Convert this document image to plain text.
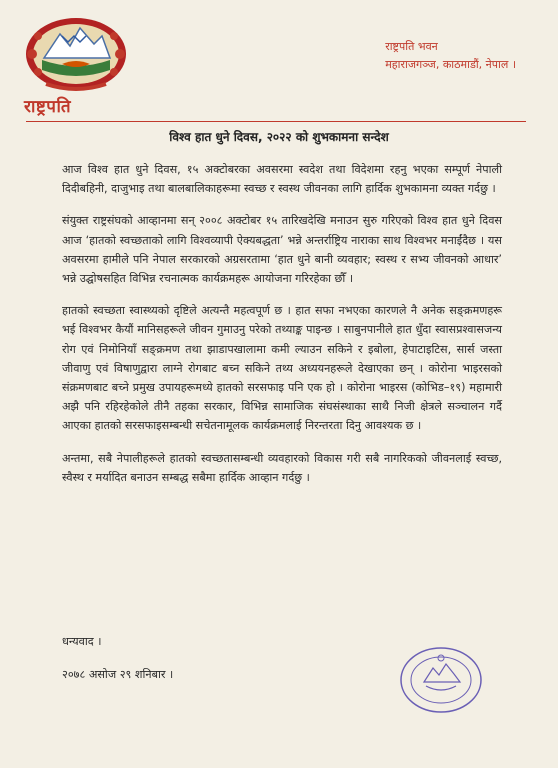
राष्ट्रपति
राष्ट्रपति भवन
महाराजगञ्ज, काठमाडौं, नेपाल ।
विश्व हात धुने दिवस, २०२२ को शुभकामना सन्देश

आज विश्व हात धुने दिवस, १५ अक्टोबरका अवसरमा स्वदेश तथा विदेशमा रहनु भएका सम्पूर्ण नेपाली दिदीबहिनी, दाजुभाइ तथा बालबालिकाहरूमा स्वच्छ र स्वस्थ जीवनका लागि हार्दिक शुभकामना व्यक्त गर्दछु ।

संयुक्त राष्ट्रसंघको आव्हानमा सन् २००८ अक्टोबर १५ तारिखदेखि मनाउन सुरु गरिएको विश्व हात धुने दिवस आज ‘हातको स्वच्छताको लागि विश्वव्यापी ऐक्यबद्धता’ भन्ने अन्तर्राष्ट्रिय नाराका साथ विश्वभर मनाईंदैछ । यस अवसरमा हामीले पनि नेपाल सरकारको अग्रसरतामा ‘हात धुने बानी व्यवहार; स्वस्थ र सभ्य जीवनको आधार’ भन्ने उद्घोषसहित विभिन्न रचनात्मक कार्यक्रमहरू आयोजना गरिरहेका छौँ ।

हातको स्वच्छता स्वास्थ्यको दृष्टिले अत्यन्तै महत्वपूर्ण छ । हात सफा नभएका कारणले नै अनेक सङ्क्रमणहरू भई विश्वभर कैयौं मानिसहरूले जीवन गुमाउनु परेको तथ्याङ्क पाइन्छ । साबुनपानीले हात धुँदा स्वासप्रश्वासजन्य रोग एवं निमोनियाँ सङ्क्रमण तथा झाडापखालामा कमी ल्याउन सकिने र इबोला, हेपाटाइटिस, सार्स जस्ता जीवाणु एवं विषाणुद्वारा लाग्ने रोगबाट बच्न सकिने तथ्य अध्ययनहरूले देखाएका छन् । कोरोना भाइरसको संक्रमणबाट बच्ने प्रमुख उपायहरूमध्ये हातको सरसफाइ पनि एक हो । कोरोना भाइरस (कोभिड–१९) महामारी अझै पनि रहिरहेकोले तीनै तहका सरकार, विभिन्न सामाजिक संघसंस्थाका साथै निजी क्षेत्रले सञ्चालन गर्दै आएका हातको सरसफाइसम्बन्धी सचेतनामूलक कार्यक्रमलाई निरन्तरता दिनु आवश्यक छ ।

अन्तमा, सबै नेपालीहरूले हातको स्वच्छतासम्बन्धी व्यवहारको विकास गरी सबै नागरिकको जीवनलाई स्वच्छ, स्वैस्थ र मर्यादित बनाउन सम्बद्ध सबैमा हार्दिक आव्हान गर्दछु ।

धन्यवाद ।
२०७८ असोज २९ शनिबार ।
